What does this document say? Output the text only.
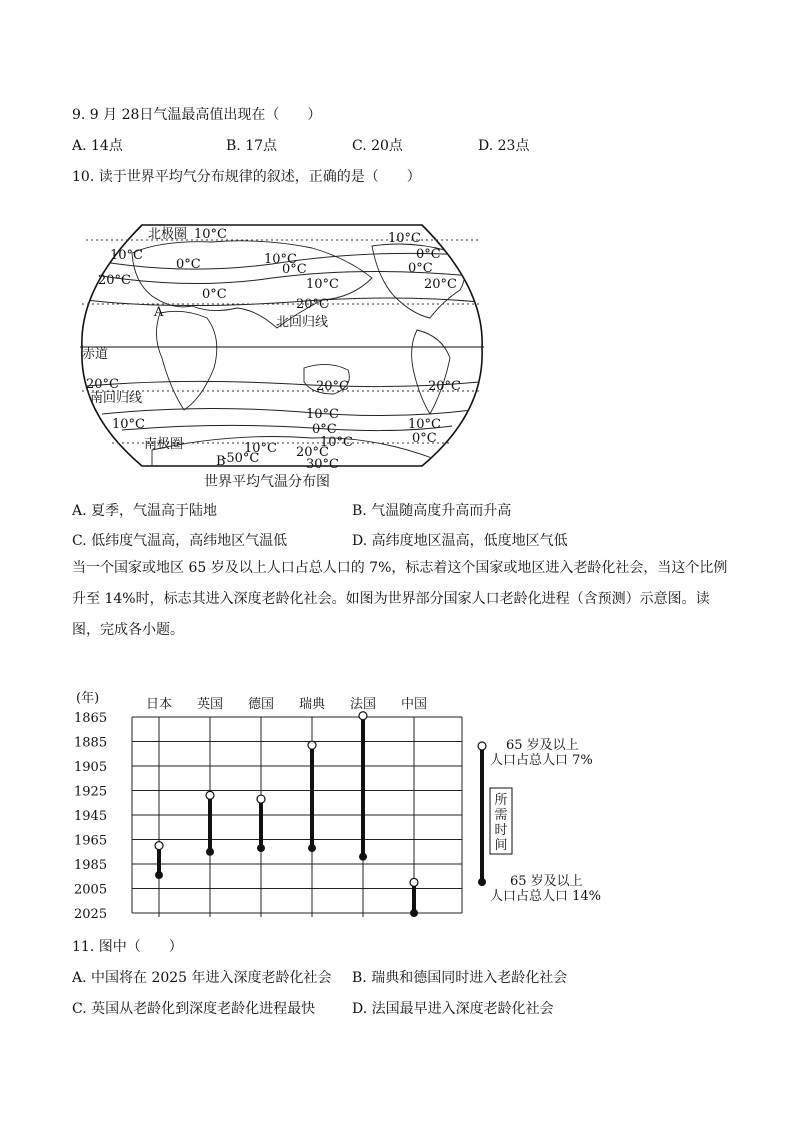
9. 9 月 28日气温最高值出现在（　　）
A. 14点	B. 17点	C. 20点	D. 23点
10. 读于世界平均气分布规律的叙述，正确的是（　　）
北极圈 10°C
10°C
0°C
20°C
0°C
10°C
0°C
10°C
20°C
A
北回归线
10°C
0°C
0°C
20°C
赤道
20°C
南回归线
20°C	20°C
10°C
10°C
0°C
10°C
10°C
0°C
南极圈	10°C 20°C
B
-50°C	30°C
世界平均气温分布图
A. 夏季，气温高于陆地	B. 气温随高度升高而升高
C. 低纬度气温高，高纬地区气温低	D. 高纬度地区温高，低度地区气低
当一个国家或地区 65 岁及以上人口占总人口的 7%，标志着这个国家或地区进入老龄化社会，当这个比例升至 14%时，标志其进入深度老龄化社会。如图为世界部分国家人口老龄化进程（含预测）示意图。读图，完成各小题。
(年)
1865
1885
1905
1925
1945
1965
1985
2005
2025
日本 英国 德国 瑞典 法国 中国
65 岁及以上
人口占总人口 7%
65 岁及以上
人口占总人口 14%
所
需
时
间
11. 图中（　　）
A. 中国将在 2025 年进入深度老龄化社会 B. 瑞典和德国同时进入老龄化社会
C. 英国从老龄化到深度老龄化进程最快	D. 法国最早进入深度老龄化社会
